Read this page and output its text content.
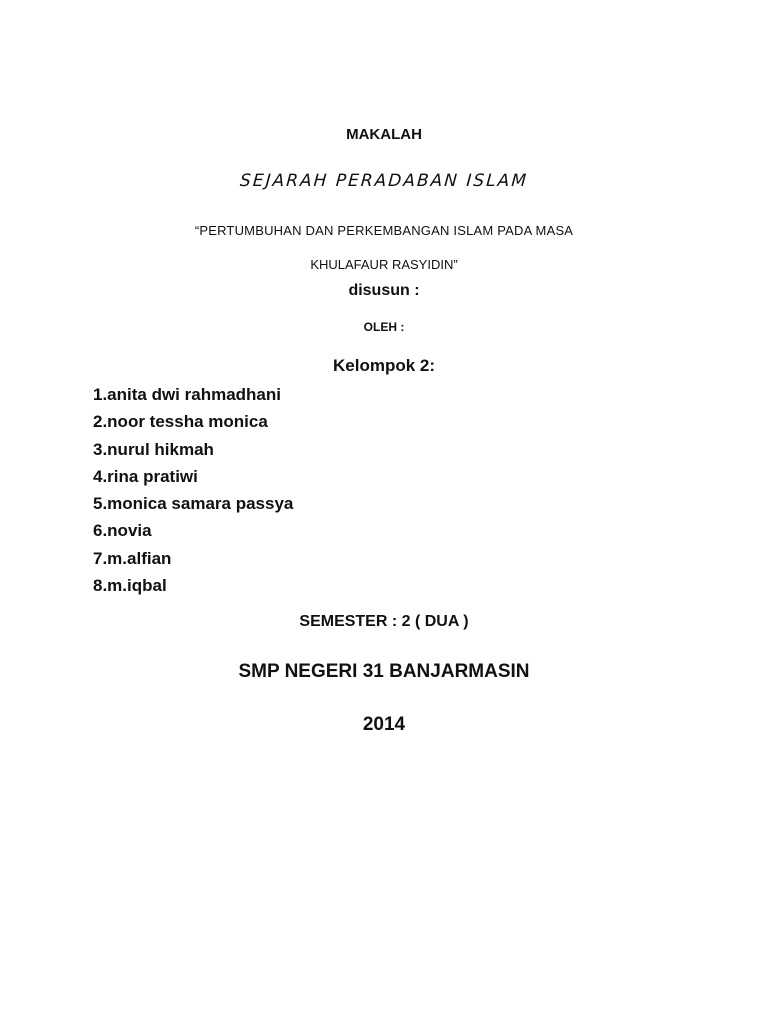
MAKALAH
SEJARAH PERADABAN ISLAM
“PERTUMBUHAN DAN PERKEMBANGAN ISLAM PADA MASA
KHULAFAUR RASYIDIN”
disusun :
OLEH :
Kelompok 2:
1.anita dwi rahmadhani
2.noor tessha monica
3.nurul hikmah
4.rina pratiwi
5.monica samara passya
6.novia
7.m.alfian
8.m.iqbal
SEMESTER : 2 ( DUA )
SMP NEGERI 31 BANJARMASIN
2014
